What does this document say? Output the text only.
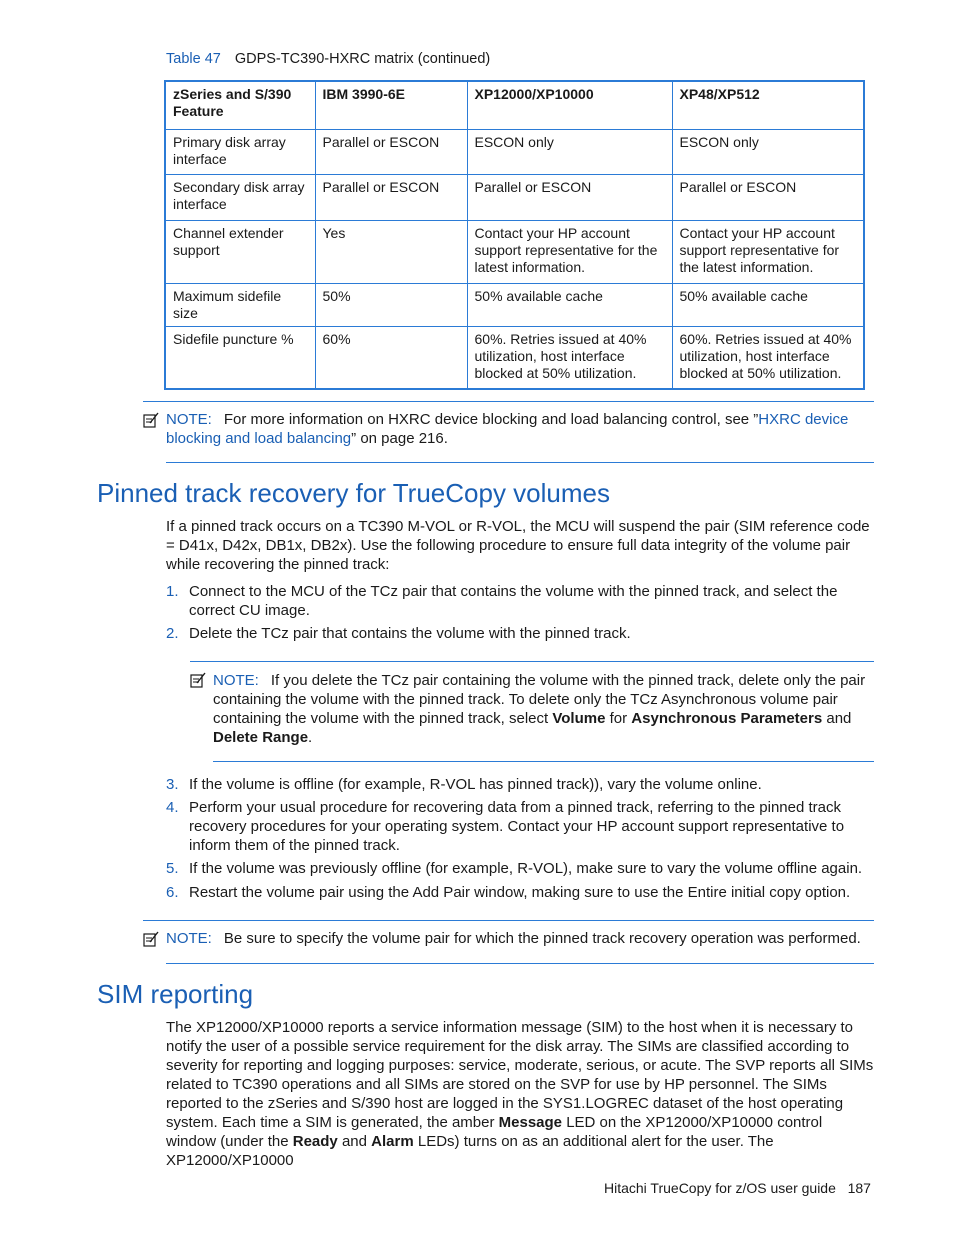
Table 47 GDPS-TC390-HXRC matrix (continued)
zSeries and S/390 Feature	IBM 3990-6E	XP12000/XP10000	XP48/XP512
Primary disk array interface	Parallel or ESCON	ESCON only	ESCON only
Secondary disk array interface	Parallel or ESCON	Parallel or ESCON	Parallel or ESCON
Channel extender support	Yes	Contact your HP account support representative for the latest information.	Contact your HP account support representative for the latest information.
Maximum sidefile size	50%	50% available cache	50% available cache
Sidefile puncture %	60%	60%. Retries issued at 40% utilization, host interface blocked at 50% utilization.	60%. Retries issued at 40% utilization, host interface blocked at 50% utilization.
NOTE: For more information on HXRC device blocking and load balancing control, see ”HXRC device blocking and load balancing” on page 216.
Pinned track recovery for TrueCopy volumes

If a pinned track occurs on a TC390 M-VOL or R-VOL, the MCU will suspend the pair (SIM reference code = D41x, D42x, DB1x, DB2x). Use the following procedure to ensure full data integrity of the volume pair while recovering the pinned track:

1. Connect to the MCU of the TCz pair that contains the volume with the pinned track, and select the correct CU image.
2. Delete the TCz pair that contains the volume with the pinned track.
NOTE: If you delete the TCz pair containing the volume with the pinned track, delete only the pair containing the volume with the pinned track. To delete only the TCz Asynchronous volume pair containing the volume with the pinned track, select Volume for Asynchronous Parameters and Delete Range.
3. If the volume is offline (for example, R-VOL has pinned track)), vary the volume online.
4. Perform your usual procedure for recovering data from a pinned track, referring to the pinned track recovery procedures for your operating system. Contact your HP account support representative to inform them of the pinned track.
5. If the volume was previously offline (for example, R-VOL), make sure to vary the volume offline again.
6. Restart the volume pair using the Add Pair window, making sure to use the Entire initial copy option.
NOTE: Be sure to specify the volume pair for which the pinned track recovery operation was performed.
SIM reporting

The XP12000/XP10000 reports a service information message (SIM) to the host when it is necessary to notify the user of a possible service requirement for the disk array. The SIMs are classified according to severity for reporting and logging purposes: service, moderate, serious, or acute. The SVP reports all SIMs related to TC390 operations and all SIMs are stored on the SVP for use by HP personnel. The SIMs reported to the zSeries and S/390 host are logged in the SYS1.LOGREC dataset of the host operating system. Each time a SIM is generated, the amber Message LED on the XP12000/XP10000 control window (under the Ready and Alarm LEDs) turns on as an additional alert for the user. The XP12000/XP10000

Hitachi TrueCopy for z/OS user guide 187
